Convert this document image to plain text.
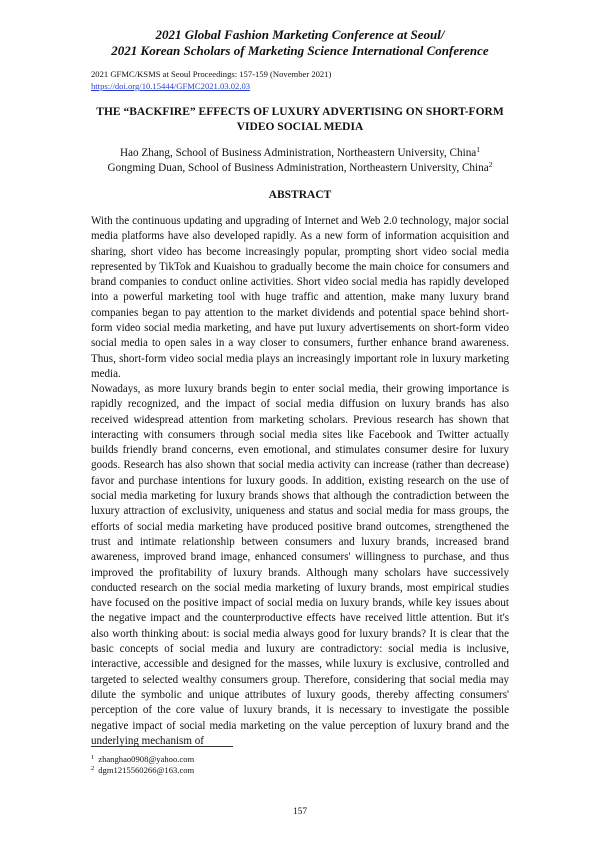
2021 Global Fashion Marketing Conference at Seoul/
2021 Korean Scholars of Marketing Science International Conference
2021 GFMC/KSMS at Seoul Proceedings: 157-159 (November 2021)
https://doi.org/10.15444/GFMC2021.03.02.03
THE “BACKFIRE” EFFECTS OF LUXURY ADVERTISING ON SHORT-FORM VIDEO SOCIAL MEDIA
Hao Zhang, School of Business Administration, Northeastern University, China$^1$
Gongming Duan, School of Business Administration, Northeastern University, China$^2$
ABSTRACT

With the continuous updating and upgrading of Internet and Web 2.0 technology, major social media platforms have also developed rapidly. As a new form of information acquisition and sharing, short video has become increasingly popular, prompting short video social media represented by TikTok and Kuaishou to gradually become the main choice for consumers and brand companies to conduct online activities. Short video social media has rapidly developed into a powerful marketing tool with huge traffic and attention, make many luxury brand companies began to pay attention to the market dividends and potential space behind short-form video social media marketing, and have put luxury advertisements on short-form video social media to open sales in a way closer to consumers, further enhance brand awareness. Thus, short-form video social media plays an increasingly important role in luxury marketing media.

Nowadays, as more luxury brands begin to enter social media, their growing importance is rapidly recognized, and the impact of social media diffusion on luxury brands has also received widespread attention from marketing scholars. Previous research has shown that interacting with consumers through social media sites like Facebook and Twitter actually builds friendly brand concerns, even emotional, and stimulates consumer desire for luxury goods. Research has also shown that social media activity can increase (rather than decrease) favor and purchase intentions for luxury goods. In addition, existing research on the use of social media marketing for luxury brands shows that although the contradiction between the luxury attraction of exclusivity, uniqueness and status and social media for mass groups, the efforts of social media marketing have produced positive brand outcomes, strengthened the trust and intimate relationship between consumers and luxury brands, increased brand awareness, improved brand image, enhanced consumers' willingness to purchase, and thus improved the profitability of luxury brands. Although many scholars have successively conducted research on the social media marketing of luxury brands, most empirical studies have focused on the positive impact of social media on luxury brands, while key issues about the negative impact and the counterproductive effects have received little attention. But it's also worth thinking about: is social media always good for luxury brands? It is clear that the basic concepts of social media and luxury are contradictory: social media is inclusive, interactive, accessible and designed for the masses, while luxury is exclusive, controlled and targeted to selected wealthy consumers group. Therefore, considering that social media may dilute the symbolic and unique attributes of luxury goods, thereby affecting consumers' perception of the core value of luxury brands, it is necessary to investigate the possible negative impact of social media marketing on the value perception of luxury brand and the underlying mechanism of

$^1$ zhanghao0908@yahoo.com
$^2$ dgm1215560266@163.com
157
